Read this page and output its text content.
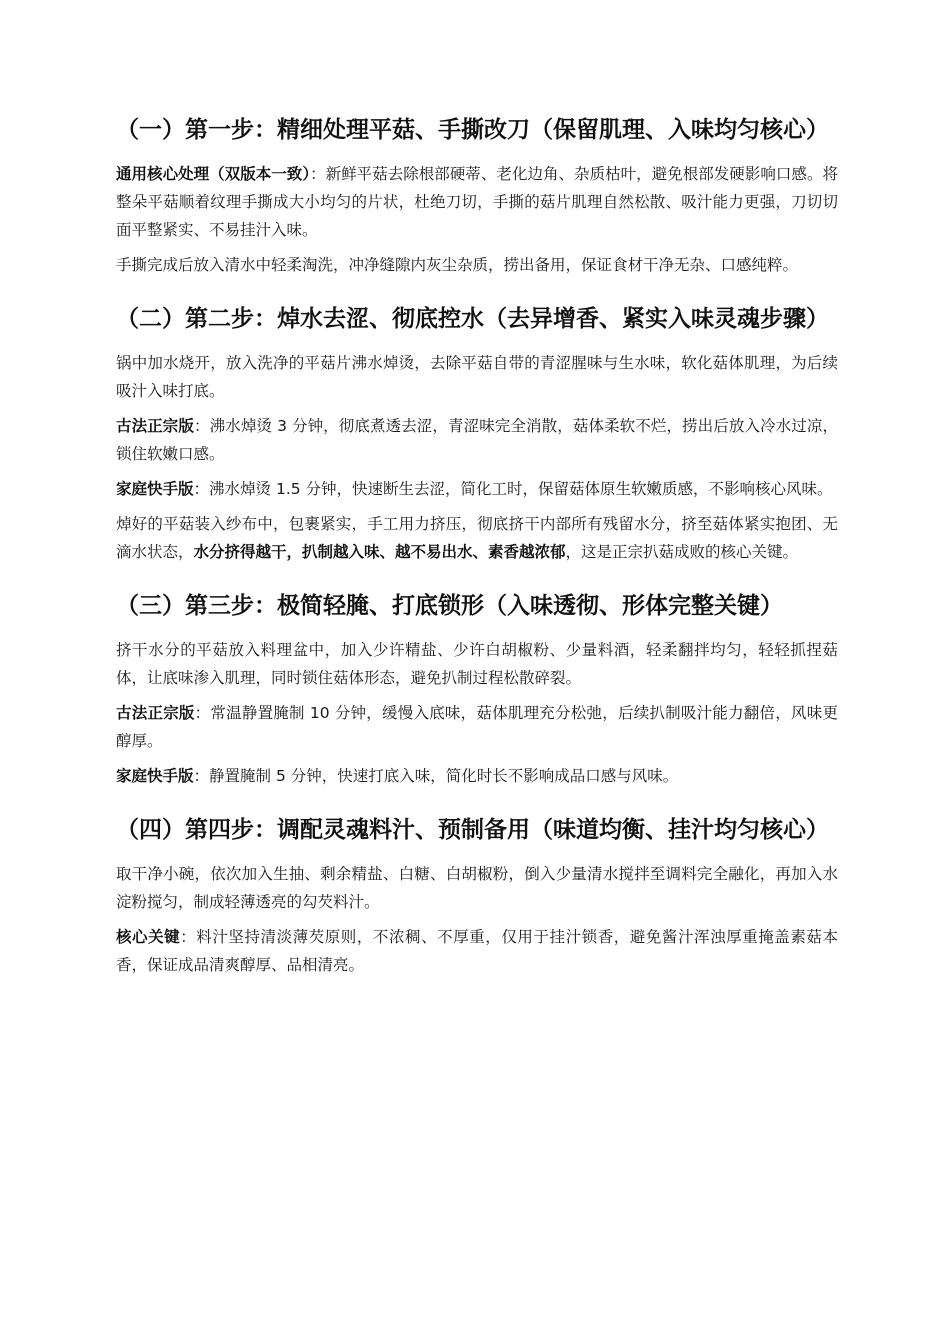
（一）第一步：精细处理平菇、手撕改刀（保留肌理、入味均匀核心）

通用核心处理（双版本一致）：新鲜平菇去除根部硬蒂、老化边角、杂质枯叶，避免根部发硬影响口感。将整朵平菇顺着纹理手撕成大小均匀的片状，杜绝刀切，手撕的菇片肌理自然松散、吸汁能力更强，刀切切面平整紧实、不易挂汁入味。

手撕完成后放入清水中轻柔淘洗，冲净缝隙内灰尘杂质，捞出备用，保证食材干净无杂、口感纯粹。

（二）第二步：焯水去涩、彻底控水（去异增香、紧实入味灵魂步骤）

锅中加水烧开，放入洗净的平菇片沸水焯烫，去除平菇自带的青涩腥味与生水味，软化菇体肌理，为后续吸汁入味打底。

古法正宗版：沸水焯烫 3 分钟，彻底煮透去涩，青涩味完全消散，菇体柔软不烂，捞出后放入冷水过凉，锁住软嫩口感。

家庭快手版：沸水焯烫 1.5 分钟，快速断生去涩，简化工时，保留菇体原生软嫩质感，不影响核心风味。

焯好的平菇装入纱布中，包裹紧实，手工用力挤压，彻底挤干内部所有残留水分，挤至菇体紧实抱团、无滴水状态，水分挤得越干，扒制越入味、越不易出水、素香越浓郁，这是正宗扒菇成败的核心关键。

（三）第三步：极简轻腌、打底锁形（入味透彻、形体完整关键）

挤干水分的平菇放入料理盆中，加入少许精盐、少许白胡椒粉、少量料酒，轻柔翻拌均匀，轻轻抓捏菇体，让底味渗入肌理，同时锁住菇体形态，避免扒制过程松散碎裂。

古法正宗版：常温静置腌制 10 分钟，缓慢入底味，菇体肌理充分松弛，后续扒制吸汁能力翻倍，风味更醇厚。

家庭快手版：静置腌制 5 分钟，快速打底入味，简化时长不影响成品口感与风味。

（四）第四步：调配灵魂料汁、预制备用（味道均衡、挂汁均匀核心）

取干净小碗，依次加入生抽、剩余精盐、白糖、白胡椒粉，倒入少量清水搅拌至调料完全融化，再加入水淀粉搅匀，制成轻薄透亮的勾芡料汁。

核心关键：料汁坚持清淡薄芡原则，不浓稠、不厚重，仅用于挂汁锁香，避免酱汁浑浊厚重掩盖素菇本香，保证成品清爽醇厚、品相清亮。
